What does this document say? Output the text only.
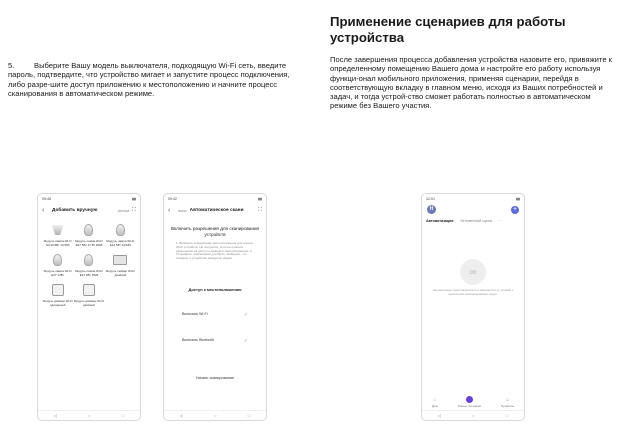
5.	Выберите Вашу модель выключателя, подходящую Wi-Fi сеть, введите пароль, подтвердите, что устройство мигает и запустите процесс подключения, либо разре-шите доступ приложению к местоположению и начните процесс сканирования в автоматическом режиме.
Применение сценариев для работы устройства
После завершения процесса добавления устройства назовите его, привяжите к определенному помещению Вашего дома и настройте его работу используя функци-онал мобильного приложения, применяя сценарии, перейдя в соответствующую вкладку в главном меню, исходя из Ваших потребностей и задач, и тогда устрой-ство сможет работать полностью в автоматическом режиме без Вашего участия.
09:48	▮▮
‹	Добавить вручную	Автом ⛶
Модуль лампа Wi-Fi GU10 5Вт 12/180
Модуль лампа Wi-Fi E27 5Вт 17 Вт RGB
Модуль лампа Wi-Fi E14 5Вт 12/180
Модуль лампа Wi-Fi E27 12Вт
Модуль лампа Wi-Fi E27 9Вт RGB
Модуль таймер Wi-Fi двойной
Модуль диммер Wi-Fi одинарный
Модуль диммер Wi-Fi двойной
◁	○	□
09:42	▮▮
‹	www Автоматическое скани	⛶
Включить разрешения для сканирования устройств
1. Включить определение местоположения для поиска Wi-Fi устройств. Не получится, если не приняли разрешения на доступ к данным о местоположении. 2. Установите, разрешение для Wi-Fi, проверьте, что телефон и устройство находятся рядом.
Доступ к местоположению
Включить Wi-Fi	✓
Включить Bluetooth	✓
Начать сканирование
◁	○	□
12:01	▮▮
H	+
Автоматизация Мгновенный сцена ···
∞
Автоматизация будет включаться в зависимости от условий и выполнения запланированных задач.
⌂
Дом	Умные сценарии
☺
Профиль
◁	○	□
